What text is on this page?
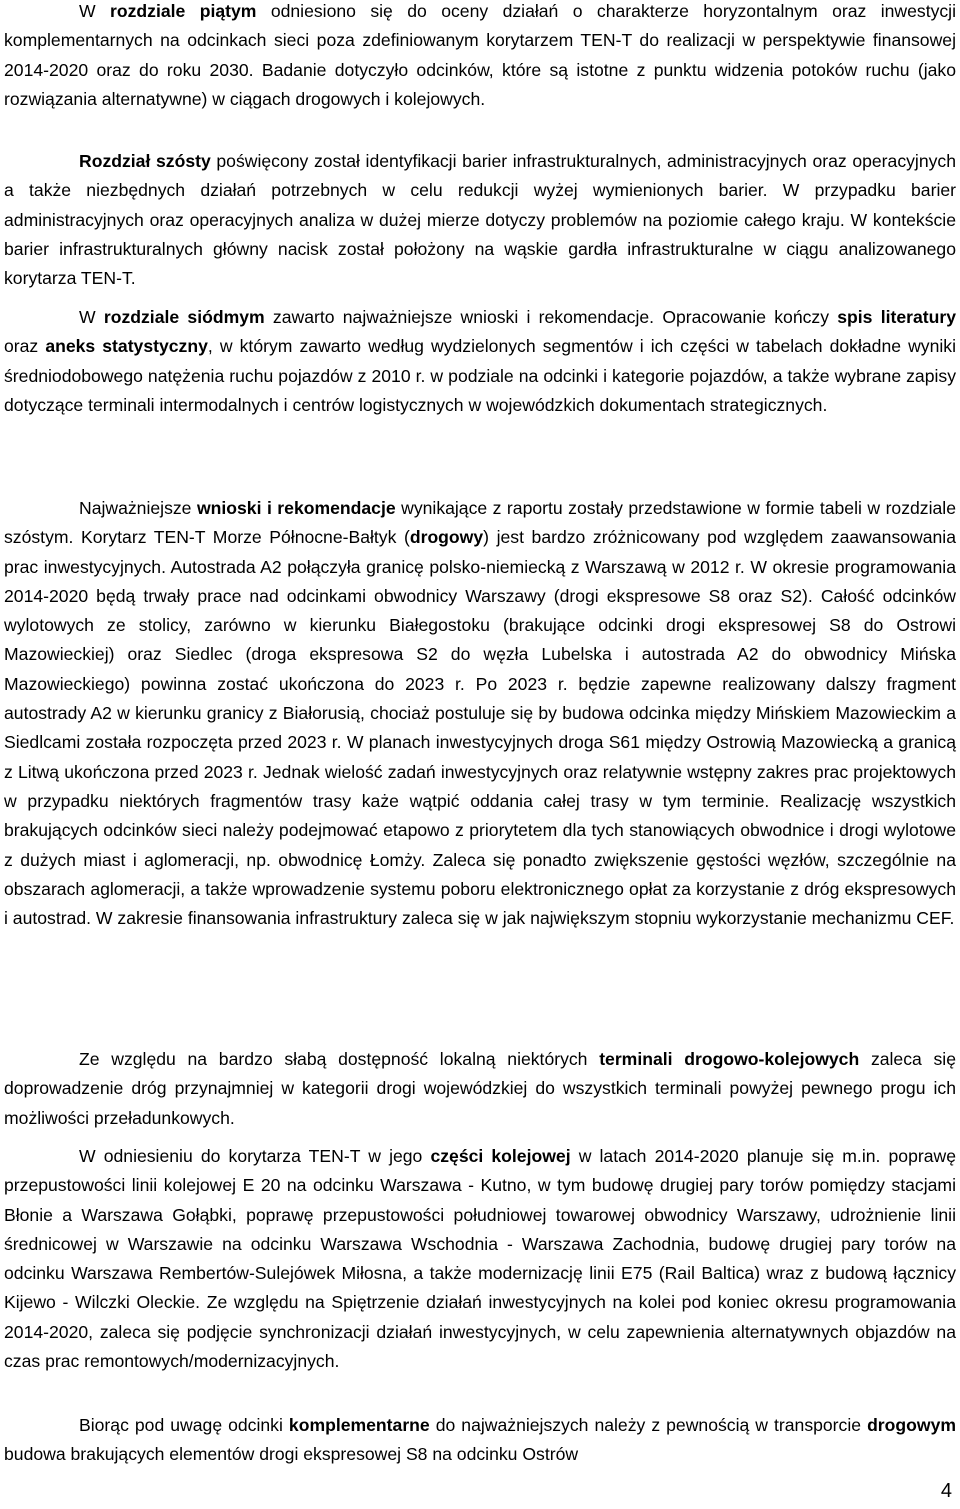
W rozdziale piątym odniesiono się do oceny działań o charakterze horyzontalnym oraz inwestycji komplementarnych na odcinkach sieci poza zdefiniowanym korytarzem TEN-T do realizacji w perspektywie finansowej 2014-2020 oraz do roku 2030. Badanie dotyczyło odcinków, które są istotne z punktu widzenia potoków ruchu (jako rozwiązania alternatywne) w ciągach drogowych i kolejowych.

Rozdział szósty poświęcony został identyfikacji barier infrastrukturalnych, administracyjnych oraz operacyjnych a także niezbędnych działań potrzebnych w celu redukcji wyżej wymienionych barier. W przypadku barier administracyjnych oraz operacyjnych analiza w dużej mierze dotyczy problemów na poziomie całego kraju. W kontekście barier infrastrukturalnych główny nacisk został położony na wąskie gardła infrastrukturalne w ciągu analizowanego korytarza TEN-T.

W rozdziale siódmym zawarto najważniejsze wnioski i rekomendacje. Opracowanie kończy spis literatury oraz aneks statystyczny, w którym zawarto według wydzielonych segmentów i ich części w tabelach dokładne wyniki średniodobowego natężenia ruchu pojazdów z 2010 r. w podziale na odcinki i kategorie pojazdów, a także wybrane zapisy dotyczące terminali intermodalnych i centrów logistycznych w wojewódzkich dokumentach strategicznych.

Najważniejsze wnioski i rekomendacje wynikające z raportu zostały przedstawione w formie tabeli w rozdziale szóstym. Korytarz TEN-T Morze Północne-Bałtyk (drogowy) jest bardzo zróżnicowany pod względem zaawansowania prac inwestycyjnych. Autostrada A2 połączyła granicę polsko-niemiecką z Warszawą w 2012 r. W okresie programowania 2014-2020 będą trwały prace nad odcinkami obwodnicy Warszawy (drogi ekspresowe S8 oraz S2). Całość odcinków wylotowych ze stolicy, zarówno w kierunku Białegostoku (brakujące odcinki drogi ekspresowej S8 do Ostrowi Mazowieckiej) oraz Siedlec (droga ekspresowa S2 do węzła Lubelska i autostrada A2 do obwodnicy Mińska Mazowieckiego) powinna zostać ukończona do 2023 r. Po 2023 r. będzie zapewne realizowany dalszy fragment autostrady A2 w kierunku granicy z Białorusią, chociaż postuluje się by budowa odcinka między Mińskiem Mazowieckim a Siedlcami została rozpoczęta przed 2023 r. W planach inwestycyjnych droga S61 między Ostrowią Mazowiecką a granicą z Litwą ukończona przed 2023 r. Jednak wielość zadań inwestycyjnych oraz relatywnie wstępny zakres prac projektowych w przypadku niektórych fragmentów trasy każe wątpić oddania całej trasy w tym terminie. Realizację wszystkich brakujących odcinków sieci należy podejmować etapowo z priorytetem dla tych stanowiących obwodnice i drogi wylotowe z dużych miast i aglomeracji, np. obwodnicę Łomży. Zaleca się ponadto zwiększenie gęstości węzłów, szczególnie na obszarach aglomeracji, a także wprowadzenie systemu poboru elektronicznego opłat za korzystanie z dróg ekspresowych i autostrad. W zakresie finansowania infrastruktury zaleca się w jak największym stopniu wykorzystanie mechanizmu CEF.

Ze względu na bardzo słabą dostępność lokalną niektórych terminali drogowo-kolejowych zaleca się doprowadzenie dróg przynajmniej w kategorii drogi wojewódzkiej do wszystkich terminali powyżej pewnego progu ich możliwości przeładunkowych.

W odniesieniu do korytarza TEN-T w jego części kolejowej w latach 2014-2020 planuje się m.in. poprawę przepustowości linii kolejowej E 20 na odcinku Warszawa - Kutno, w tym budowę drugiej pary torów pomiędzy stacjami Błonie a Warszawa Gołąbki, poprawę przepustowości południowej towarowej obwodnicy Warszawy, udrożnienie linii średnicowej w Warszawie na odcinku Warszawa Wschodnia - Warszawa Zachodnia, budowę drugiej pary torów na odcinku Warszawa Rembertów-Sulejówek Miłosna, a także modernizację linii E75 (Rail Baltica) wraz z budową łącznicy Kijewo - Wilczki Oleckie. Ze względu na Spiętrzenie działań inwestycyjnych na kolei pod koniec okresu programowania 2014-2020, zaleca się podjęcie synchronizacji działań inwestycyjnych, w celu zapewnienia alternatywnych objazdów na czas prac remontowych/modernizacyjnych.

Biorąc pod uwagę odcinki komplementarne do najważniejszych należy z pewnością w transporcie drogowym budowa brakujących elementów drogi ekspresowej S8 na odcinku Ostrów

4
